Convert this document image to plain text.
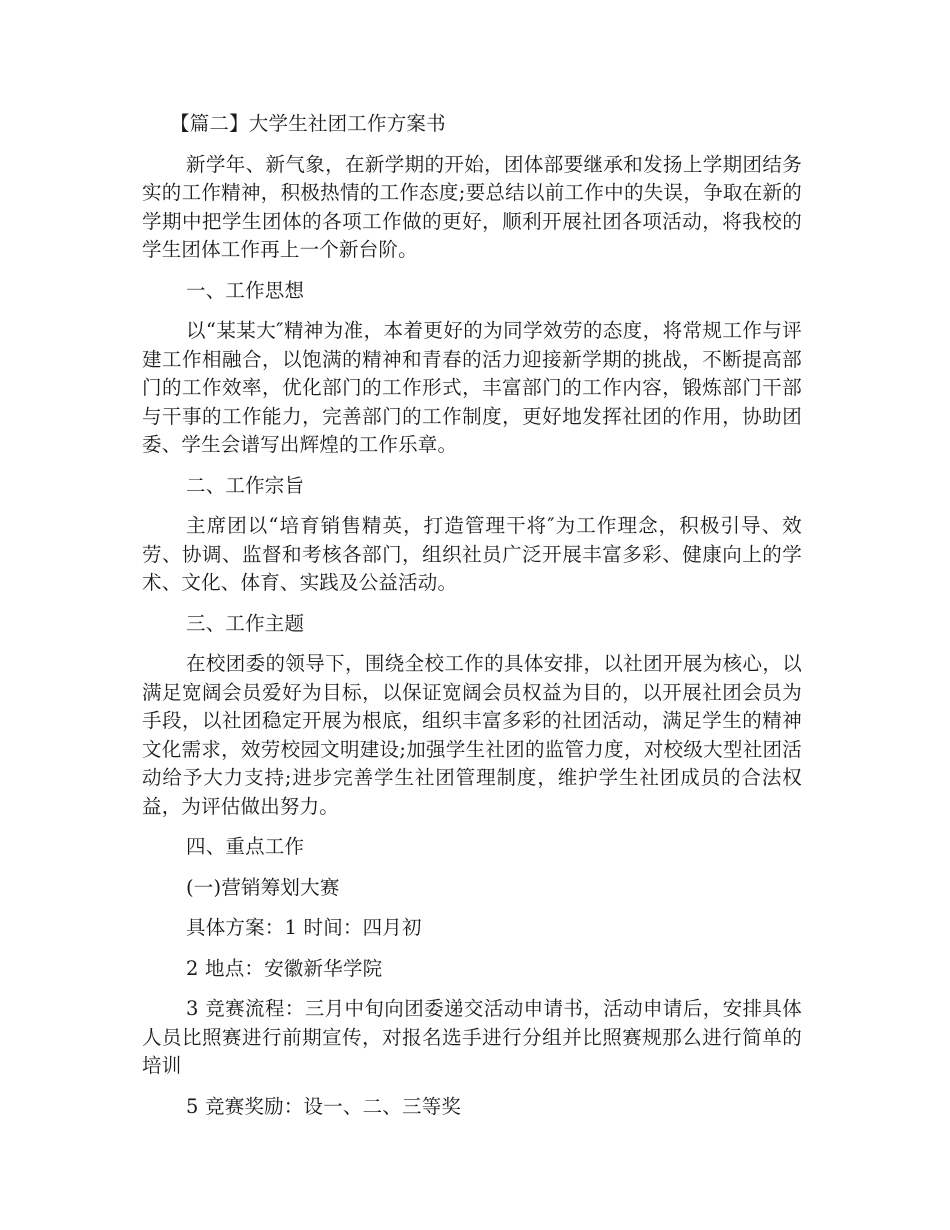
【篇二】大学生社团工作方案书

新学年、新气象，在新学期的开始，团体部要继承和发扬上学期团结务实的工作精神，积极热情的工作态度;要总结以前工作中的失误，争取在新的学期中把学生团体的各项工作做的更好，顺利开展社团各项活动，将我校的学生团体工作再上一个新台阶。

一、工作思想

以“某某大″精神为准，本着更好的为同学效劳的态度，将常规工作与评建工作相融合，以饱满的精神和青春的活力迎接新学期的挑战，不断提高部门的工作效率，优化部门的工作形式，丰富部门的工作内容，锻炼部门干部与干事的工作能力，完善部门的工作制度，更好地发挥社团的作用，协助团委、学生会谱写出辉煌的工作乐章。

二、工作宗旨

主席团以“培育销售精英，打造管理干将″为工作理念，积极引导、效劳、协调、监督和考核各部门，组织社员广泛开展丰富多彩、健康向上的学术、文化、体育、实践及公益活动。

三、工作主题

在校团委的领导下，围绕全校工作的具体安排，以社团开展为核心，以满足宽阔会员爱好为目标，以保证宽阔会员权益为目的，以开展社团会员为手段，以社团稳定开展为根底，组织丰富多彩的社团活动，满足学生的精神文化需求，效劳校园文明建设;加强学生社团的监管力度，对校级大型社团活动给予大力支持;进步完善学生社团管理制度，维护学生社团成员的合法权益，为评估做出努力。

四、重点工作

(一)营销筹划大赛

具体方案：1 时间：四月初

2 地点：安徽新华学院

3 竞赛流程：三月中旬向团委递交活动申请书，活动申请后，安排具体人员比照赛进行前期宣传，对报名选手进行分组并比照赛规那么进行简单的培训

5 竞赛奖励：设一、二、三等奖
